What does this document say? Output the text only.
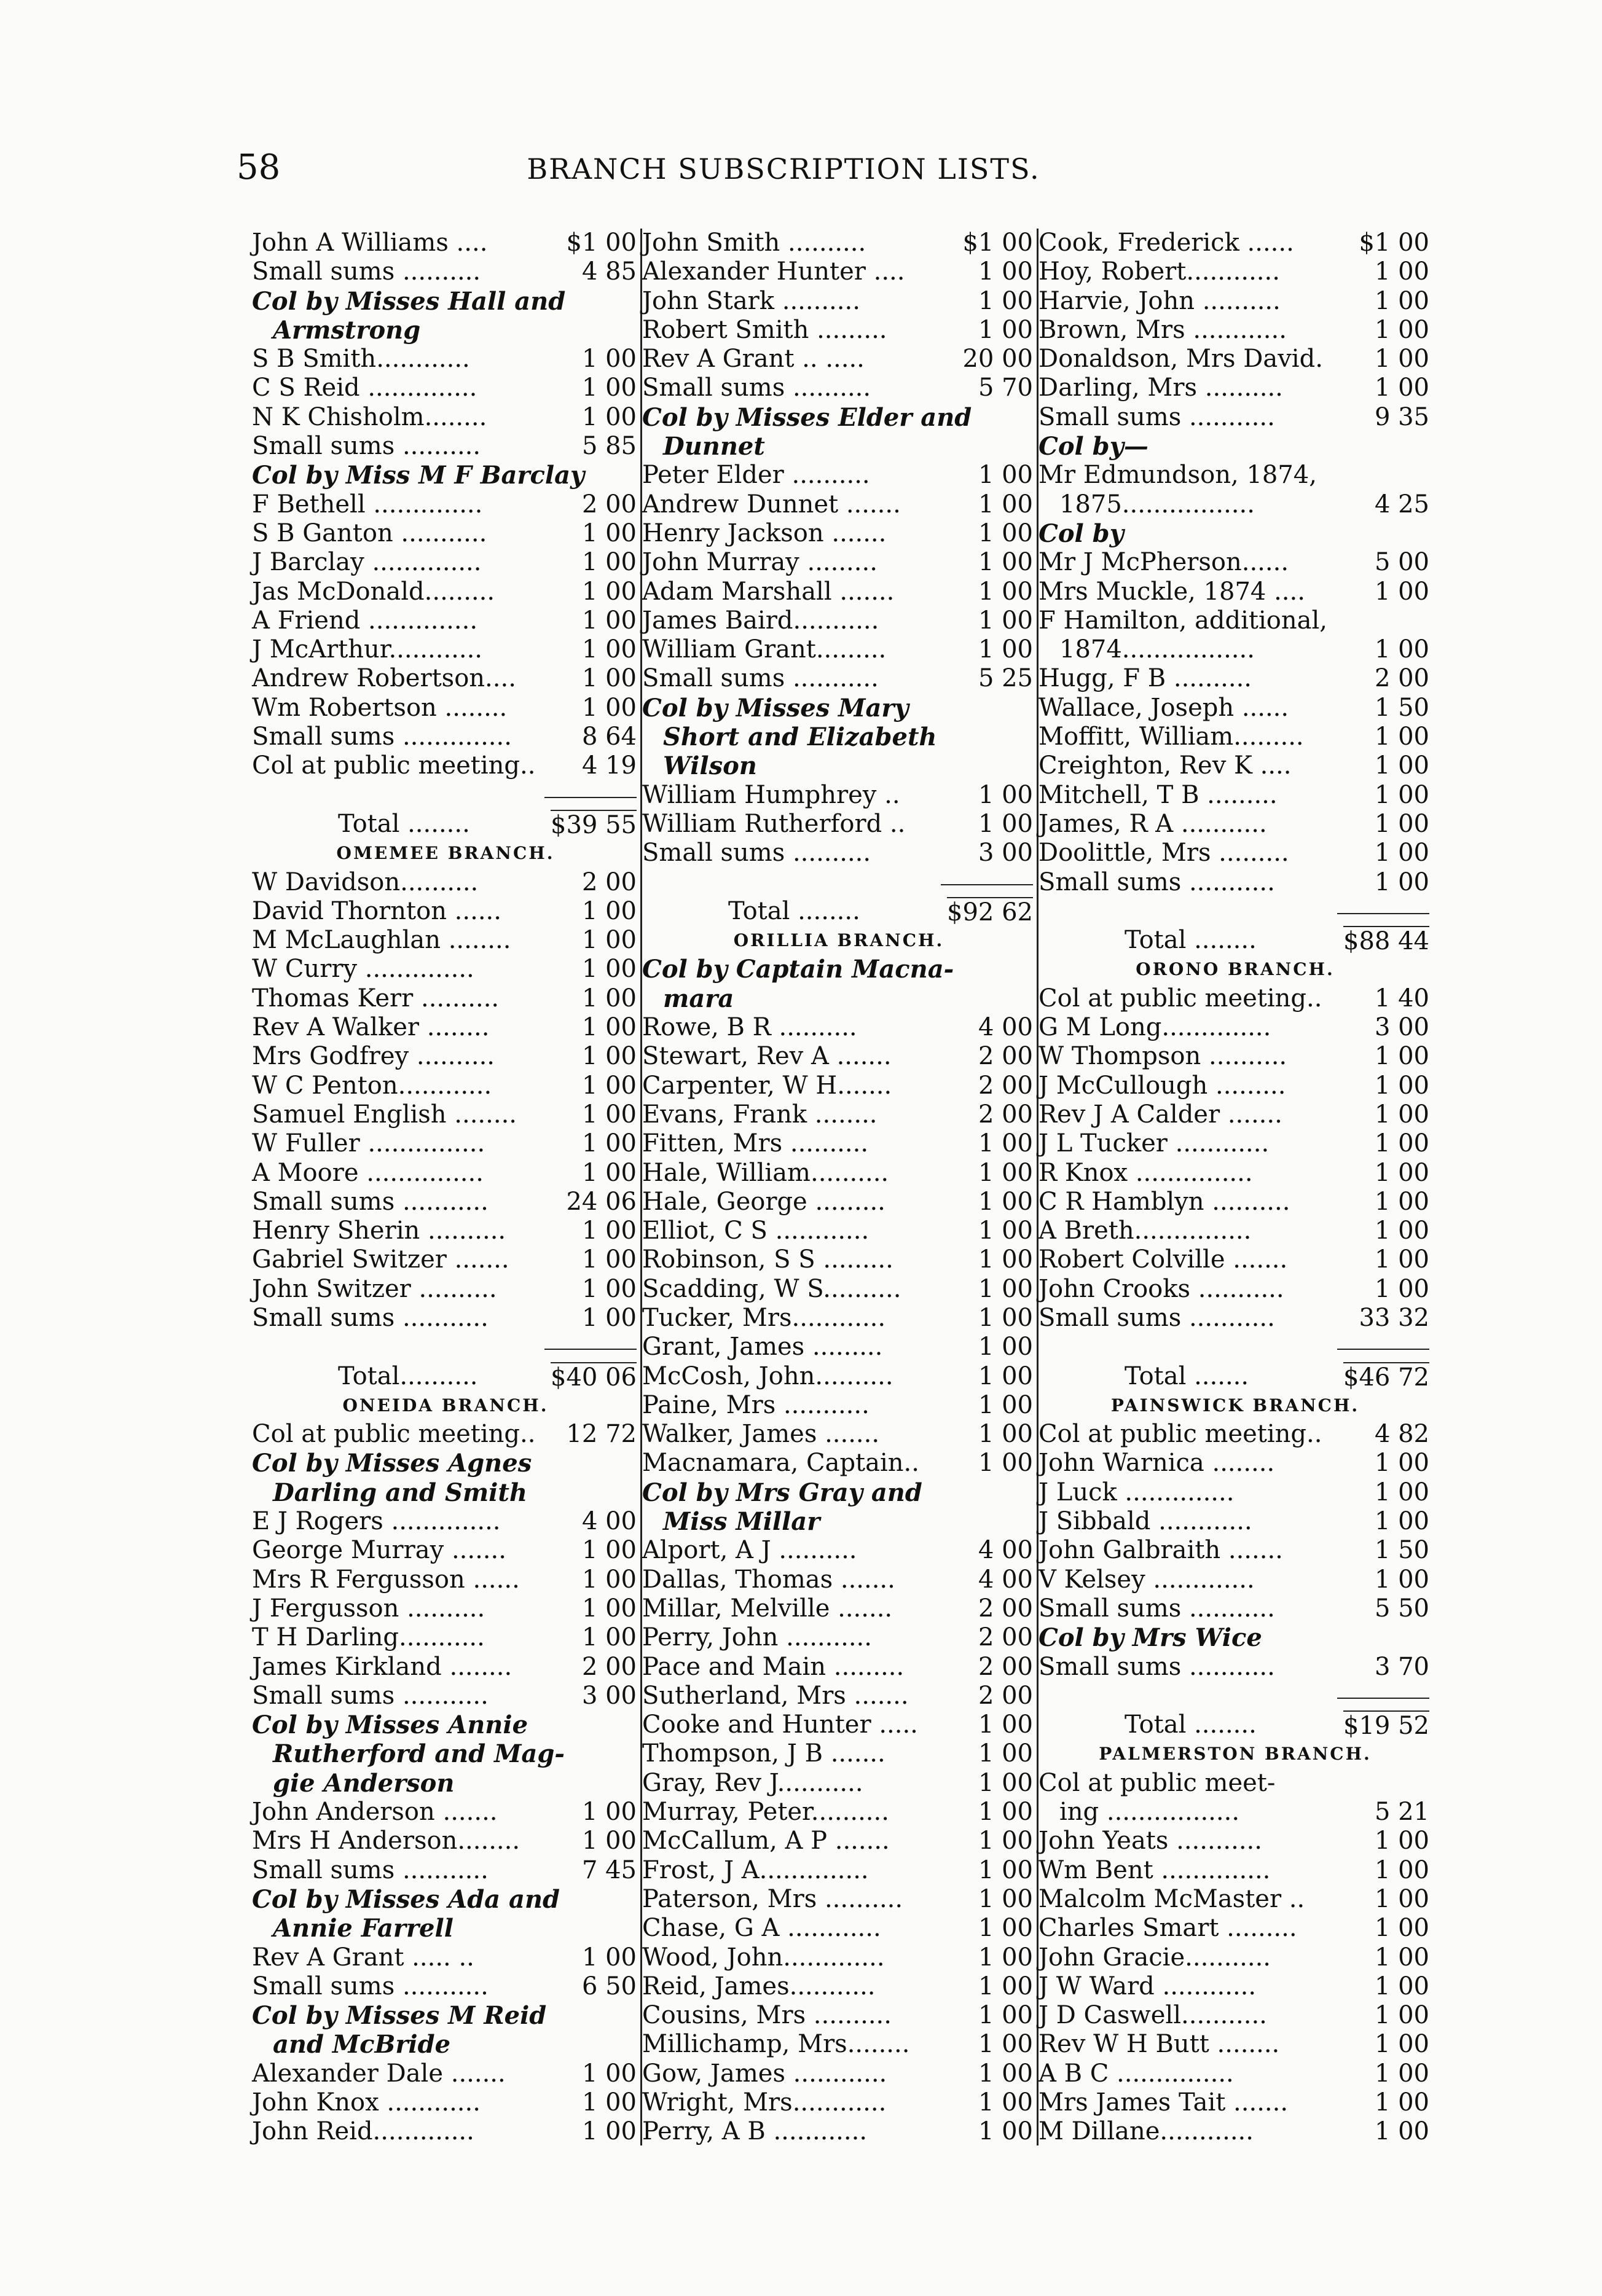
58	BRANCH SUBSCRIPTION LISTS.
John A Williams ....	$1 00
Small sums ..........	4 85
Col by Misses Hall and
Armstrong
S B Smith............	1 00
C S Reid ..............	1 00
N K Chisholm........	1 00
Small sums ..........	5 85
Col by Miss M F Barclay
F Bethell ..............	2 00
S B Ganton ...........	1 00
J Barclay ..............	1 00
Jas McDonald.........	1 00
A Friend ..............	1 00
J McArthur............	1 00
Andrew Robertson....	1 00
Wm Robertson ........	1 00
Small sums ..............	8 64
Col at public meeting.. 4 19
Total ........	$39 55
OMEMEE BRANCH.
W Davidson..........	2 00
David Thornton ......	1 00
M McLaughlan ........	1 00
W Curry ..............	1 00
Thomas Kerr ..........	1 00
Rev A Walker ........	1 00
Mrs Godfrey ..........	1 00
W C Penton............	1 00
Samuel English ........	1 00
W Fuller ...............	1 00
A Moore ...............	1 00
Small sums ...........	24 06
Henry Sherin ..........	1 00
Gabriel Switzer .......	1 00
John Switzer ..........	1 00
Small sums ...........	1 00
Total..........	$40 06
ONEIDA BRANCH.
Col at public meeting.. 12 72
Col by Misses Agnes
Darling and Smith
E J Rogers ..............	4 00
George Murray .......	1 00
Mrs R Fergusson ......	1 00
J Fergusson ..........	1 00
T H Darling...........	1 00
James Kirkland ........	2 00
Small sums ...........	3 00
Col by Misses Annie
Rutherford and Mag-
gie Anderson
John Anderson .......	1 00
Mrs H Anderson........	1 00
Small sums ...........	7 45
Col by Misses Ada and
Annie Farrell
Rev A Grant ..... ..	1 00
Small sums ...........	6 50
Col by Misses M Reid
and McBride
Alexander Dale .......	1 00
John Knox ............	1 00
John Reid.............	1 00
John Smith ..........	$1 00
Alexander Hunter ....	1 00
John Stark ..........	1 00
Robert Smith .........	1 00
Rev A Grant .. .....	20 00
Small sums ..........	5 70
Col by Misses Elder and
Dunnet
Peter Elder ..........	1 00
Andrew Dunnet .......	1 00
Henry Jackson .......	1 00
John Murray .........	1 00
Adam Marshall .......	1 00
James Baird...........	1 00
William Grant.........	1 00
Small sums ...........	5 25
Col by Misses Mary
Short and Elizabeth
Wilson
William Humphrey ..	1 00
William Rutherford ..	1 00
Small sums ..........	3 00
Total ........	$92 62
ORILLIA BRANCH.
Col by Captain Macna-
mara
Rowe, B R ..........	4 00
Stewart, Rev A .......	2 00
Carpenter, W H.......	2 00
Evans, Frank ........	2 00
Fitten, Mrs ..........	1 00
Hale, William..........	1 00
Hale, George .........	1 00
Elliot, C S ............	1 00
Robinson, S S .........	1 00
Scadding, W S..........	1 00
Tucker, Mrs............	1 00
Grant, James .........	1 00
McCosh, John..........	1 00
Paine, Mrs ...........	1 00
Walker, James .......	1 00
Macnamara, Captain.. 1 00
Col by Mrs Gray and
Miss Millar
Alport, A J ..........	4 00
Dallas, Thomas .......	4 00
Millar, Melville .......	2 00
Perry, John ...........	2 00
Pace and Main .........	2 00
Sutherland, Mrs .......	2 00
Cooke and Hunter ..... 1 00
Thompson, J B .......	1 00
Gray, Rev J...........	1 00
Murray, Peter..........	1 00
McCallum, A P .......	1 00
Frost, J A..............	1 00
Paterson, Mrs ..........	1 00
Chase, G A ............	1 00
Wood, John.............	1 00
Reid, James...........	1 00
Cousins, Mrs ..........	1 00
Millichamp, Mrs........	1 00
Gow, James ............	1 00
Wright, Mrs............	1 00
Perry, A B ............	1 00
Cook, Frederick ......	$1 00
Hoy, Robert............	1 00
Harvie, John ..........	1 00
Brown, Mrs ............	1 00
Donaldson, Mrs David. 1 00
Darling, Mrs ..........	1 00
Small sums ...........	9 35
Col by—
Mr Edmundson, 1874,
1875.................	4 25
Col by
Mr J McPherson......	5 00
Mrs Muckle, 1874 ....	1 00
F Hamilton, additional,
1874.................	1 00
Hugg, F B ..........	2 00
Wallace, Joseph ......	1 50
Moffitt, William.........	1 00
Creighton, Rev K ....	1 00
Mitchell, T B .........	1 00
James, R A ...........	1 00
Doolittle, Mrs .........	1 00
Small sums ...........	1 00
Total ........	$88 44
ORONO BRANCH.
Col at public meeting.. 1 40
G M Long..............	3 00
W Thompson ..........	1 00
J McCullough .........	1 00
Rev J A Calder .......	1 00
J L Tucker ............	1 00
R Knox ...............	1 00
C R Hamblyn ..........	1 00
A Breth...............	1 00
Robert Colville .......	1 00
John Crooks ...........	1 00
Small sums ...........	33 32
Total .......	$46 72
PAINSWICK BRANCH.
Col at public meeting.. 4 82
John Warnica ........	1 00
J Luck ..............	1 00
J Sibbald ............	1 00
John Galbraith .......	1 50
V Kelsey .............	1 00
Small sums ...........	5 50
Col by Mrs Wice
Small sums ...........	3 70
Total ........	$19 52
PALMERSTON BRANCH.
Col at public meet-
ing .................	5 21
John Yeats ...........	1 00
Wm Bent ..............	1 00
Malcolm McMaster ..	1 00
Charles Smart .........	1 00
John Gracie...........	1 00
J W Ward ............	1 00
J D Caswell...........	1 00
Rev W H Butt ........	1 00
A B C ...............	1 00
Mrs James Tait .......	1 00
M Dillane............	1 00
